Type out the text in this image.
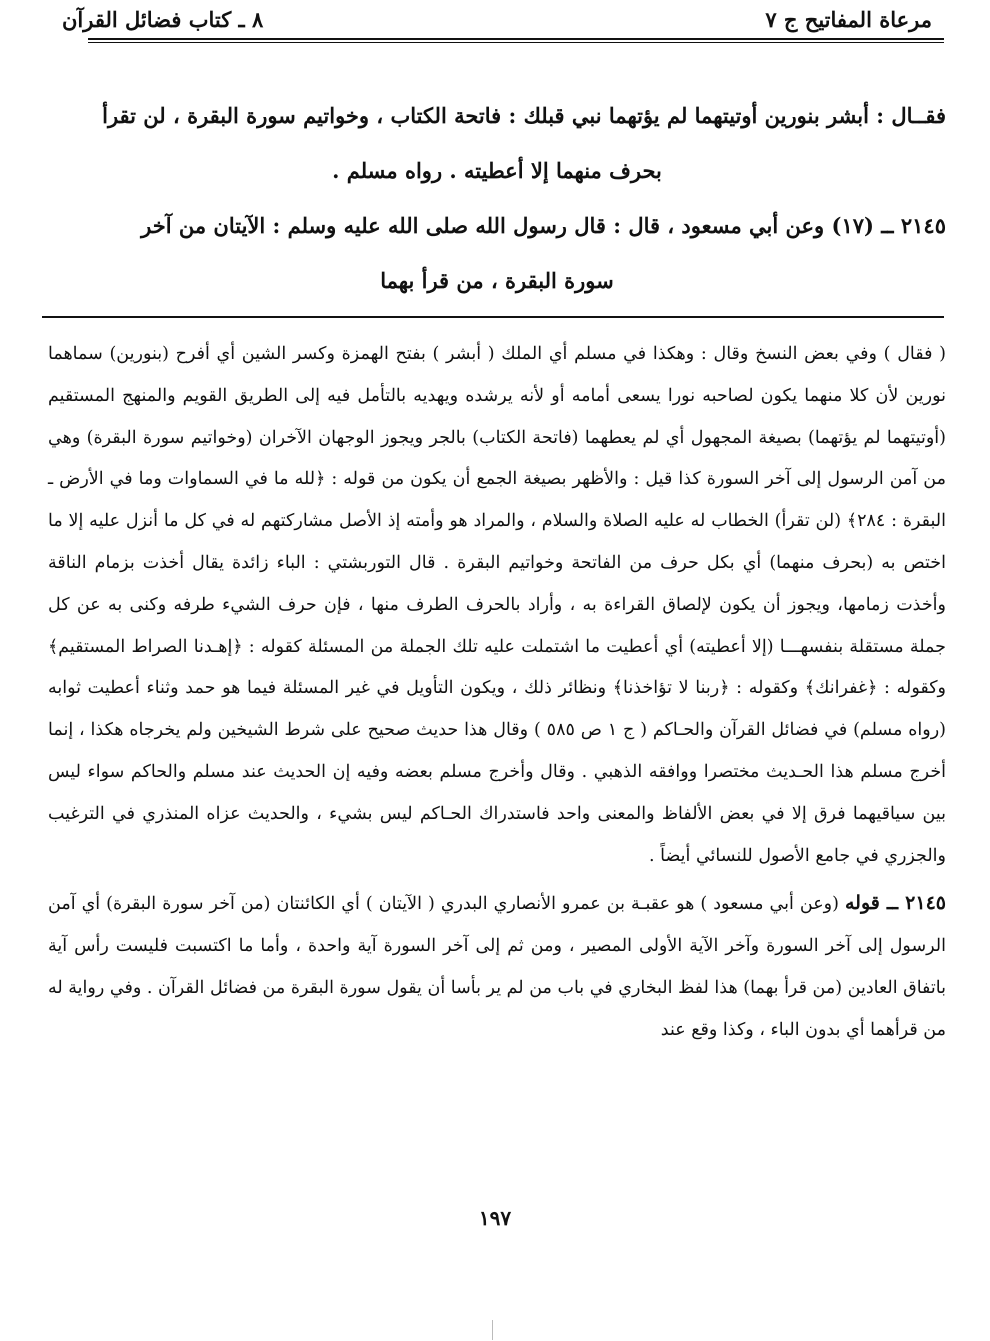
مرعاة المفاتيح ج ٧
٨ ـ كتاب فضائل القرآن

فقــال : أبشر بنورين أوتيتهما لم يؤتهما نبي قبلك : فاتحة الكتاب ، وخواتيم سورة البقرة ، لن تقرأ

بحرف منهما إلا أعطيته . رواه مسلم .

٢١٤٥ ــ (١٧) وعن أبي مسعود ، قال : قال رسول الله صلى الله عليه وسلم : الآيتان من آخر

سورة البقرة ، من قرأ بهما

( فقال ) وفي بعض النسخ وقال : وهكذا في مسلم أي الملك ( أبشر ) بفتح الهمزة وكسر الشين أي أفرح (بنورين) سماهما نورين لأن كلا منهما يكون لصاحبه نورا يسعى أمامه أو لأنه يرشده ويهديه بالتأمل فيه إلى الطريق القويم والمنهج المستقيم (أوتيتهما لم يؤتهما) بصيغة المجهول أي لم يعطهما (فاتحة الكتاب) بالجر ويجوز الوجهان الآخران (وخواتيم سورة البقرة) وهي من آمن الرسول إلى آخر السورة كذا قيل : والأظهر بصيغة الجمع أن يكون من قوله : ﴿لله ما في السماوات وما في الأرض ـ البقرة : ٢٨٤﴾ (لن تقرأ) الخطاب له عليه الصلاة والسلام ، والمراد هو وأمته إذ الأصل مشاركتهم له في كل ما أنزل عليه إلا ما اختص به (بحرف منهما) أي بكل حرف من الفاتحة وخواتيم البقرة . قال التوربشتي : الباء زائدة يقال أخذت بزمام الناقة وأخذت زمامها، ويجوز أن يكون لإلصاق القراءة به ، وأراد بالحرف الطرف منها ، فإن حرف الشيء طرفه وكنى به عن كل جملة مستقلة بنفسهـــا (إلا أعطيته) أي أعطيت ما اشتملت عليه تلك الجملة من المسئلة كقوله : ﴿إهـدنا الصراط المستقيم﴾ وكقوله : ﴿غفرانك﴾ وكقوله : ﴿ربنا لا تؤاخذنا﴾ ونظائر ذلك ، ويكون التأويل في غير المسئلة فيما هو حمد وثناء أعطيت ثوابه (رواه مسلم) في فضائل القرآن والحـاكم ( ج ١ ص ٥٨٥ ) وقال هذا حديث صحيح على شرط الشيخين ولم يخرجاه هكذا ، إنما أخرج مسلم هذا الحـديث مختصرا ووافقه الذهبي . وقال وأخرج مسلم بعضه وفيه إن الحديث عند مسلم والحاكم سواء ليس بين سياقيهما فرق إلا في بعض الألفاظ والمعنى واحد فاستدراك الحـاكم ليس بشيء ، والحديث عزاه المنذري في الترغيب والجزري في جامع الأصول للنسائي أيضاً .

٢١٤٥ ــ قوله (وعن أبي مسعود ) هو عقبـة بن عمرو الأنصاري البدري ( الآيتان ) أي الكائنتان (من آخر سورة البقرة) أي آمن الرسول إلى آخر السورة وآخر الآية الأولى المصير ، ومن ثم إلى آخر السورة آية واحدة ، وأما ما اكتسبت فليست رأس آية باتفاق العادين (من قرأ بهما) هذا لفظ البخاري في باب من لم ير بأسا أن يقول سورة البقرة من فضائل القرآن . وفي رواية له من قرأهما أي بدون الباء ، وكذا وقع عند

١٩٧
